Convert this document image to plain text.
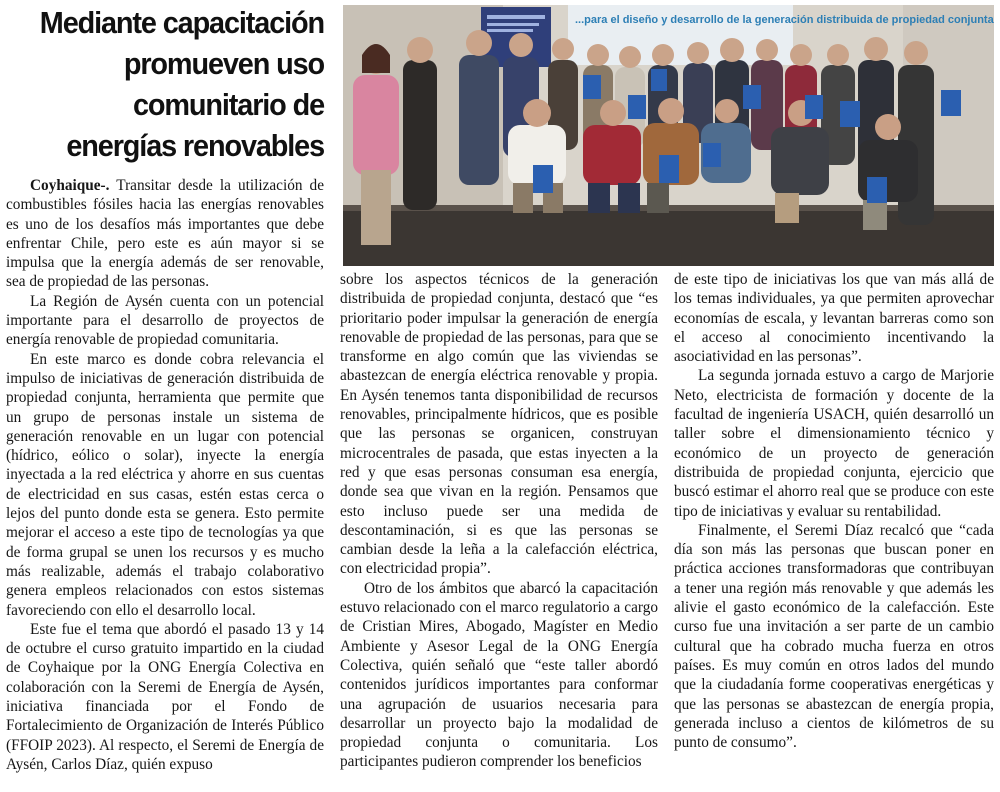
Mediante capacitación promueven uso comunitario de energías renovables
...para el diseño y desarrollo de la generación distribuida de propiedad conjunta

Coyhaique-. Transitar desde la utilización de combustibles fósiles hacia las energías renovables es uno de los desafíos más importantes que debe enfrentar Chile, pero este es aún mayor si se impulsa que la energía además de ser renovable, sea de propiedad de las personas.

La Región de Aysén cuenta con un potencial importante para el desarrollo de proyectos de energía renovable de propiedad comunitaria.

En este marco es donde cobra relevancia el impulso de iniciativas de generación distribuida de propiedad conjunta, herramienta que permite que un grupo de personas instale un sistema de generación renovable en un lugar con potencial (hídrico, eólico o solar), inyecte la energía inyectada a la red eléctrica y ahorre en sus cuentas de electricidad en sus casas, estén estas cerca o lejos del punto donde esta se genera. Esto permite mejorar el acceso a este tipo de tecnologías ya que de forma grupal se unen los recursos y es mucho más realizable, además el trabajo colaborativo genera empleos relacionados con estos sistemas favoreciendo con ello el desarrollo local.

Este fue el tema que abordó el pasado 13 y 14 de octubre el curso gratuito impartido en la ciudad de Coyhaique por la ONG Energía Colectiva en colaboración con la Seremi de Energía de Aysén, iniciativa financiada por el Fondo de Fortalecimiento de Organización de Interés Público (FFOIP 2023). Al respecto, el Seremi de Energía de Aysén, Carlos Díaz, quién expuso

sobre los aspectos técnicos de la generación distribuida de propiedad conjunta, destacó que “es prioritario poder impulsar la generación de energía renovable de propiedad de las personas, para que se transforme en algo común que las viviendas se abastezcan de energía eléctrica renovable y propia. En Aysén tenemos tanta disponibilidad de recursos renovables, principalmente hídricos, que es posible que las personas se organicen, construyan microcentrales de pasada, que estas inyecten a la red y que esas personas consuman esa energía, donde sea que vivan en la región. Pensamos que esto incluso puede ser una medida de descontaminación, si es que las personas se cambian desde la leña a la calefacción eléctrica, con electricidad propia”.

Otro de los ámbitos que abarcó la capacitación estuvo relacionado con el marco regulatorio a cargo de Cristian Mires, Abogado, Magíster en Medio Ambiente y Asesor Legal de la ONG Energía Colectiva, quién señaló que “este taller abordó contenidos jurídicos importantes para conformar una agrupación de usuarios necesaria para desarrollar un proyecto bajo la modalidad de propiedad conjunta o comunitaria. Los participantes pudieron comprender los beneficios

de este tipo de iniciativas los que van más allá de los temas individuales, ya que permiten aprovechar economías de escala, y levantan barreras como son el acceso al conocimiento incentivando la asociatividad en las personas”.

La segunda jornada estuvo a cargo de Marjorie Neto, electricista de formación y docente de la facultad de ingeniería USACH, quién desarrolló un taller sobre el dimensionamiento técnico y económico de un proyecto de generación distribuida de propiedad conjunta, ejercicio que buscó estimar el ahorro real que se produce con este tipo de iniciativas y evaluar su rentabilidad.

Finalmente, el Seremi Díaz recalcó que “cada día son más las personas que buscan poner en práctica acciones transformadoras que contribuyan a tener una región más renovable y que además les alivie el gasto económico de la calefacción. Este curso fue una invitación a ser parte de un cambio cultural que ha cobrado mucha fuerza en otros países. Es muy común en otros lados del mundo que la ciudadanía forme cooperativas energéticas y que las personas se abastezcan de energía propia, generada incluso a cientos de kilómetros de su punto de consumo”.
